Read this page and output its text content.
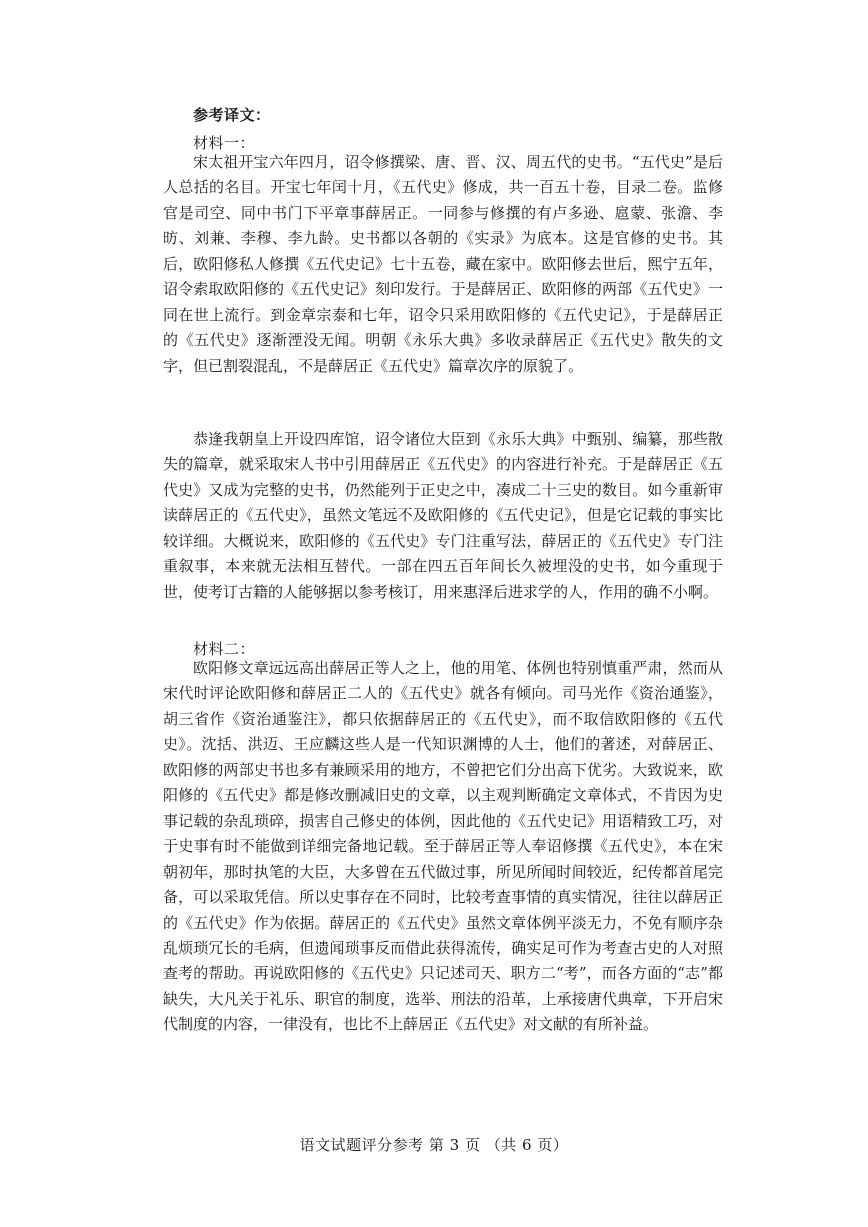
参考译文：
材料一：

宋太祖开宝六年四月，诏令修撰梁、唐、晋、汉、周五代的史书。“五代史”是后人总括的名目。开宝七年闰十月，《五代史》修成，共一百五十卷，目录二卷。监修官是司空、同中书门下平章事薛居正。一同参与修撰的有卢多逊、扈蒙、张澹、李昉、刘兼、李穆、李九龄。史书都以各朝的《实录》为底本。这是官修的史书。其后，欧阳修私人修撰《五代史记》七十五卷，藏在家中。欧阳修去世后，熙宁五年，诏令索取欧阳修的《五代史记》刻印发行。于是薛居正、欧阳修的两部《五代史》一同在世上流行。到金章宗泰和七年，诏令只采用欧阳修的《五代史记》，于是薛居正的《五代史》逐渐湮没无闻。明朝《永乐大典》多收录薛居正《五代史》散失的文字，但已割裂混乱，不是薛居正《五代史》篇章次序的原貌了。

恭逢我朝皇上开设四库馆，诏令诸位大臣到《永乐大典》中甄别、编纂，那些散失的篇章，就采取宋人书中引用薛居正《五代史》的内容进行补充。于是薛居正《五代史》又成为完整的史书，仍然能列于正史之中，凑成二十三史的数目。如今重新审读薛居正的《五代史》，虽然文笔远不及欧阳修的《五代史记》，但是它记载的事实比较详细。大概说来，欧阳修的《五代史》专门注重写法，薛居正的《五代史》专门注重叙事，本来就无法相互替代。一部在四五百年间长久被埋没的史书，如今重现于世，使考订古籍的人能够据以参考核订，用来惠泽后进求学的人，作用的确不小啊。

材料二：

欧阳修文章远远高出薛居正等人之上，他的用笔、体例也特别慎重严肃，然而从宋代时评论欧阳修和薛居正二人的《五代史》就各有倾向。司马光作《资治通鉴》，胡三省作《资治通鉴注》，都只依据薛居正的《五代史》，而不取信欧阳修的《五代史》。沈括、洪迈、王应麟这些人是一代知识渊博的人士，他们的著述，对薛居正、欧阳修的两部史书也多有兼顾采用的地方，不曾把它们分出高下优劣。大致说来，欧阳修的《五代史》都是修改删减旧史的文章，以主观判断确定文章体式，不肯因为史事记载的杂乱琐碎，损害自己修史的体例，因此他的《五代史记》用语精致工巧，对于史事有时不能做到详细完备地记载。至于薛居正等人奉诏修撰《五代史》，本在宋朝初年，那时执笔的大臣，大多曾在五代做过事，所见所闻时间较近，纪传都首尾完备，可以采取凭信。所以史事存在不同时，比较考查事情的真实情况，往往以薛居正的《五代史》作为依据。薛居正的《五代史》虽然文章体例平淡无力，不免有顺序杂乱烦琐冗长的毛病，但遗闻琐事反而借此获得流传，确实足可作为考查古史的人对照查考的帮助。再说欧阳修的《五代史》只记述司天、职方二“考”，而各方面的“志”都缺失，大凡关于礼乐、职官的制度，选举、刑法的沿革，上承接唐代典章，下开启宋代制度的内容，一律没有，也比不上薛居正《五代史》对文献的有所补益。

语文试题评分参考 第 3 页 （共 6 页）
